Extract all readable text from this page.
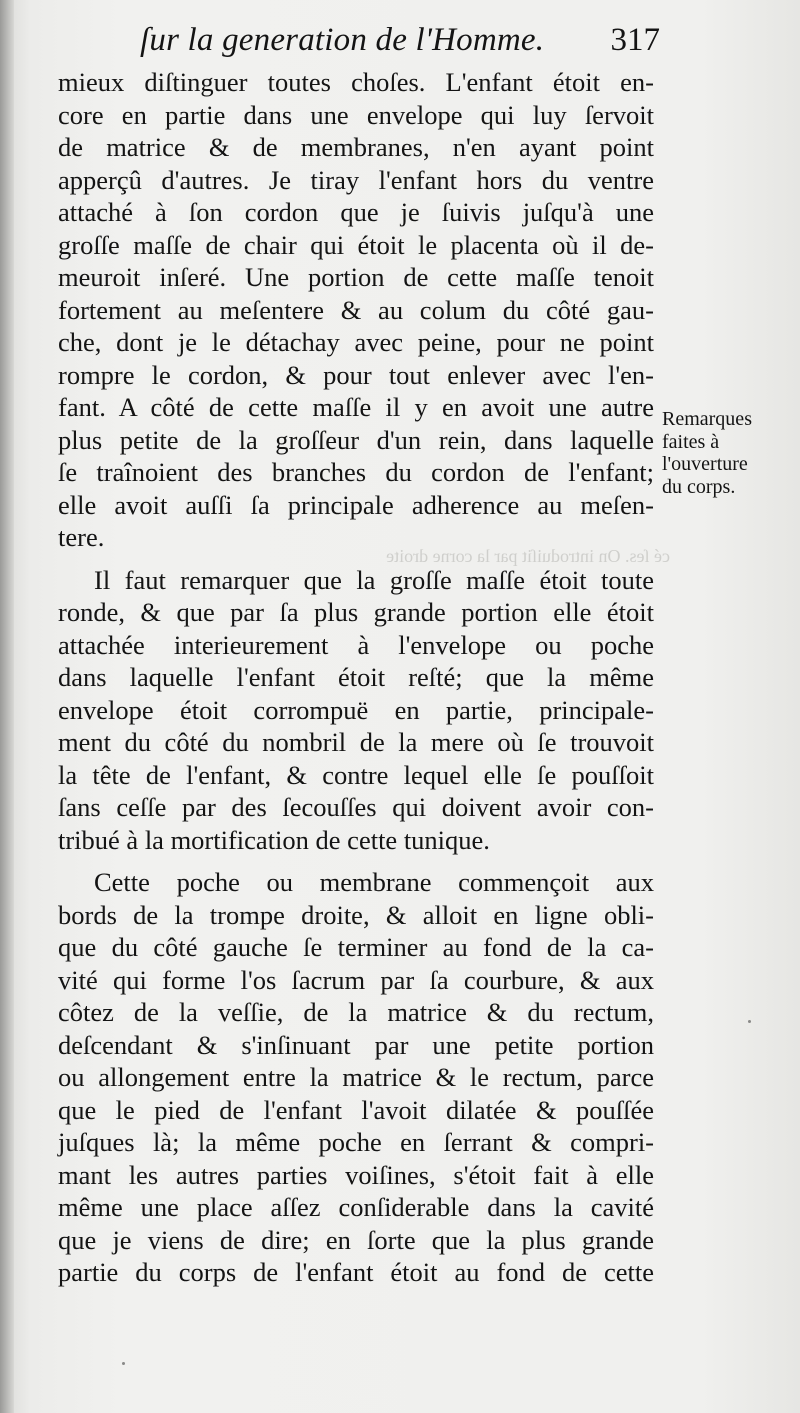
ſur la generation de l'Homme. 317
cé ſes. On introduiſit par la corne droite
mieux diſtinguer toutes choſes. L'enfant étoit en-
core en partie dans une envelope qui luy ſervoit
de matrice & de membranes, n'en ayant point
apperçû d'autres. Je tiray l'enfant hors du ventre
attaché à ſon cordon que je ſuivis juſqu'à une
groſſe maſſe de chair qui étoit le placenta où il de-
meuroit inſeré. Une portion de cette maſſe tenoit
fortement au meſentere & au colum du côté gau-
che, dont je le détachay avec peine, pour ne point
rompre le cordon, & pour tout enlever avec l'en-
fant. A côté de cette maſſe il y en avoit une autre
plus petite de la groſſeur d'un rein, dans laquelle
ſe traînoient des branches du cordon de l'enfant;
elle avoit auſſi ſa principale adherence au meſen-
tere.
Il faut remarquer que la groſſe maſſe étoit toute
ronde, & que par ſa plus grande portion elle étoit
attachée interieurement à l'envelope ou poche
dans laquelle l'enfant étoit reſté; que la même
envelope étoit corrompuë en partie, principale-
ment du côté du nombril de la mere où ſe trouvoit
la tête de l'enfant, & contre lequel elle ſe pouſſoit
ſans ceſſe par des ſecouſſes qui doivent avoir con-
tribué à la mortification de cette tunique.
Cette poche ou membrane commençoit aux
bords de la trompe droite, & alloit en ligne obli-
que du côté gauche ſe terminer au fond de la ca-
vité qui forme l'os ſacrum par ſa courbure, & aux
côtez de la veſſie, de la matrice & du rectum,
deſcendant & s'inſinuant par une petite portion
ou allongement entre la matrice & le rectum, parce
que le pied de l'enfant l'avoit dilatée & pouſſée
juſques là; la même poche en ſerrant & compri-
mant les autres parties voiſines, s'étoit fait à elle
même une place aſſez conſiderable dans la cavité
que je viens de dire; en ſorte que la plus grande
partie du corps de l'enfant étoit au fond de cette
Remarques
faites à
l'ouverture
du corps.
